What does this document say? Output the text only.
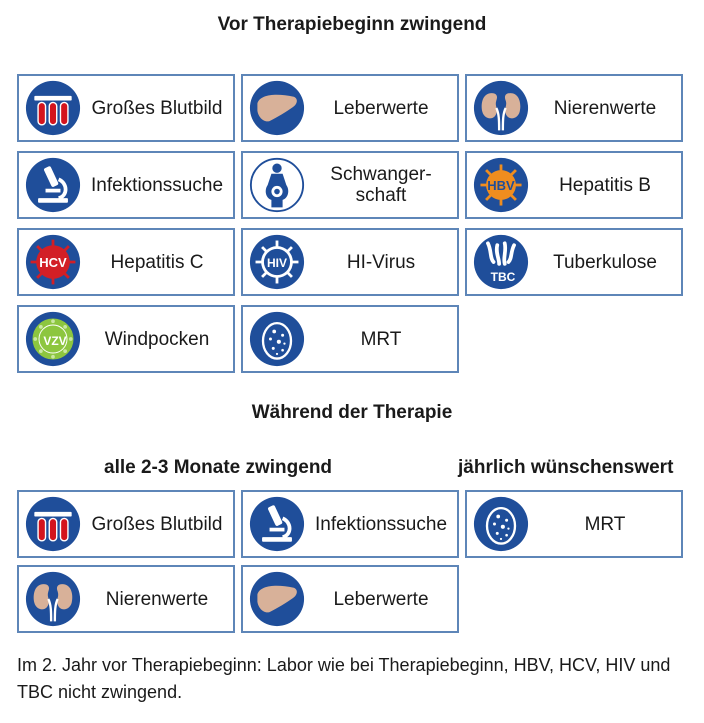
Vor Therapiebeginn zwingend
Während der Therapie
alle 2-3 Monate zwingend	jährlich wünschenswert
Großes Blutbild	Leberwerte	Nierenwerte
Infektionssuche	Schwanger-
schaft	HBV	Hepatitis B
HCV	Hepatitis C	HIV	HI-Virus
TBC
Tuberkulose
VZV	Windpocken	MRT
Großes Blutbild	Infektionssuche	MRT
Nierenwerte	Leberwerte
Im 2. Jahr vor Therapiebeginn: Labor wie bei Therapiebeginn, HBV, HCV, HIV und TBC nicht zwingend.
